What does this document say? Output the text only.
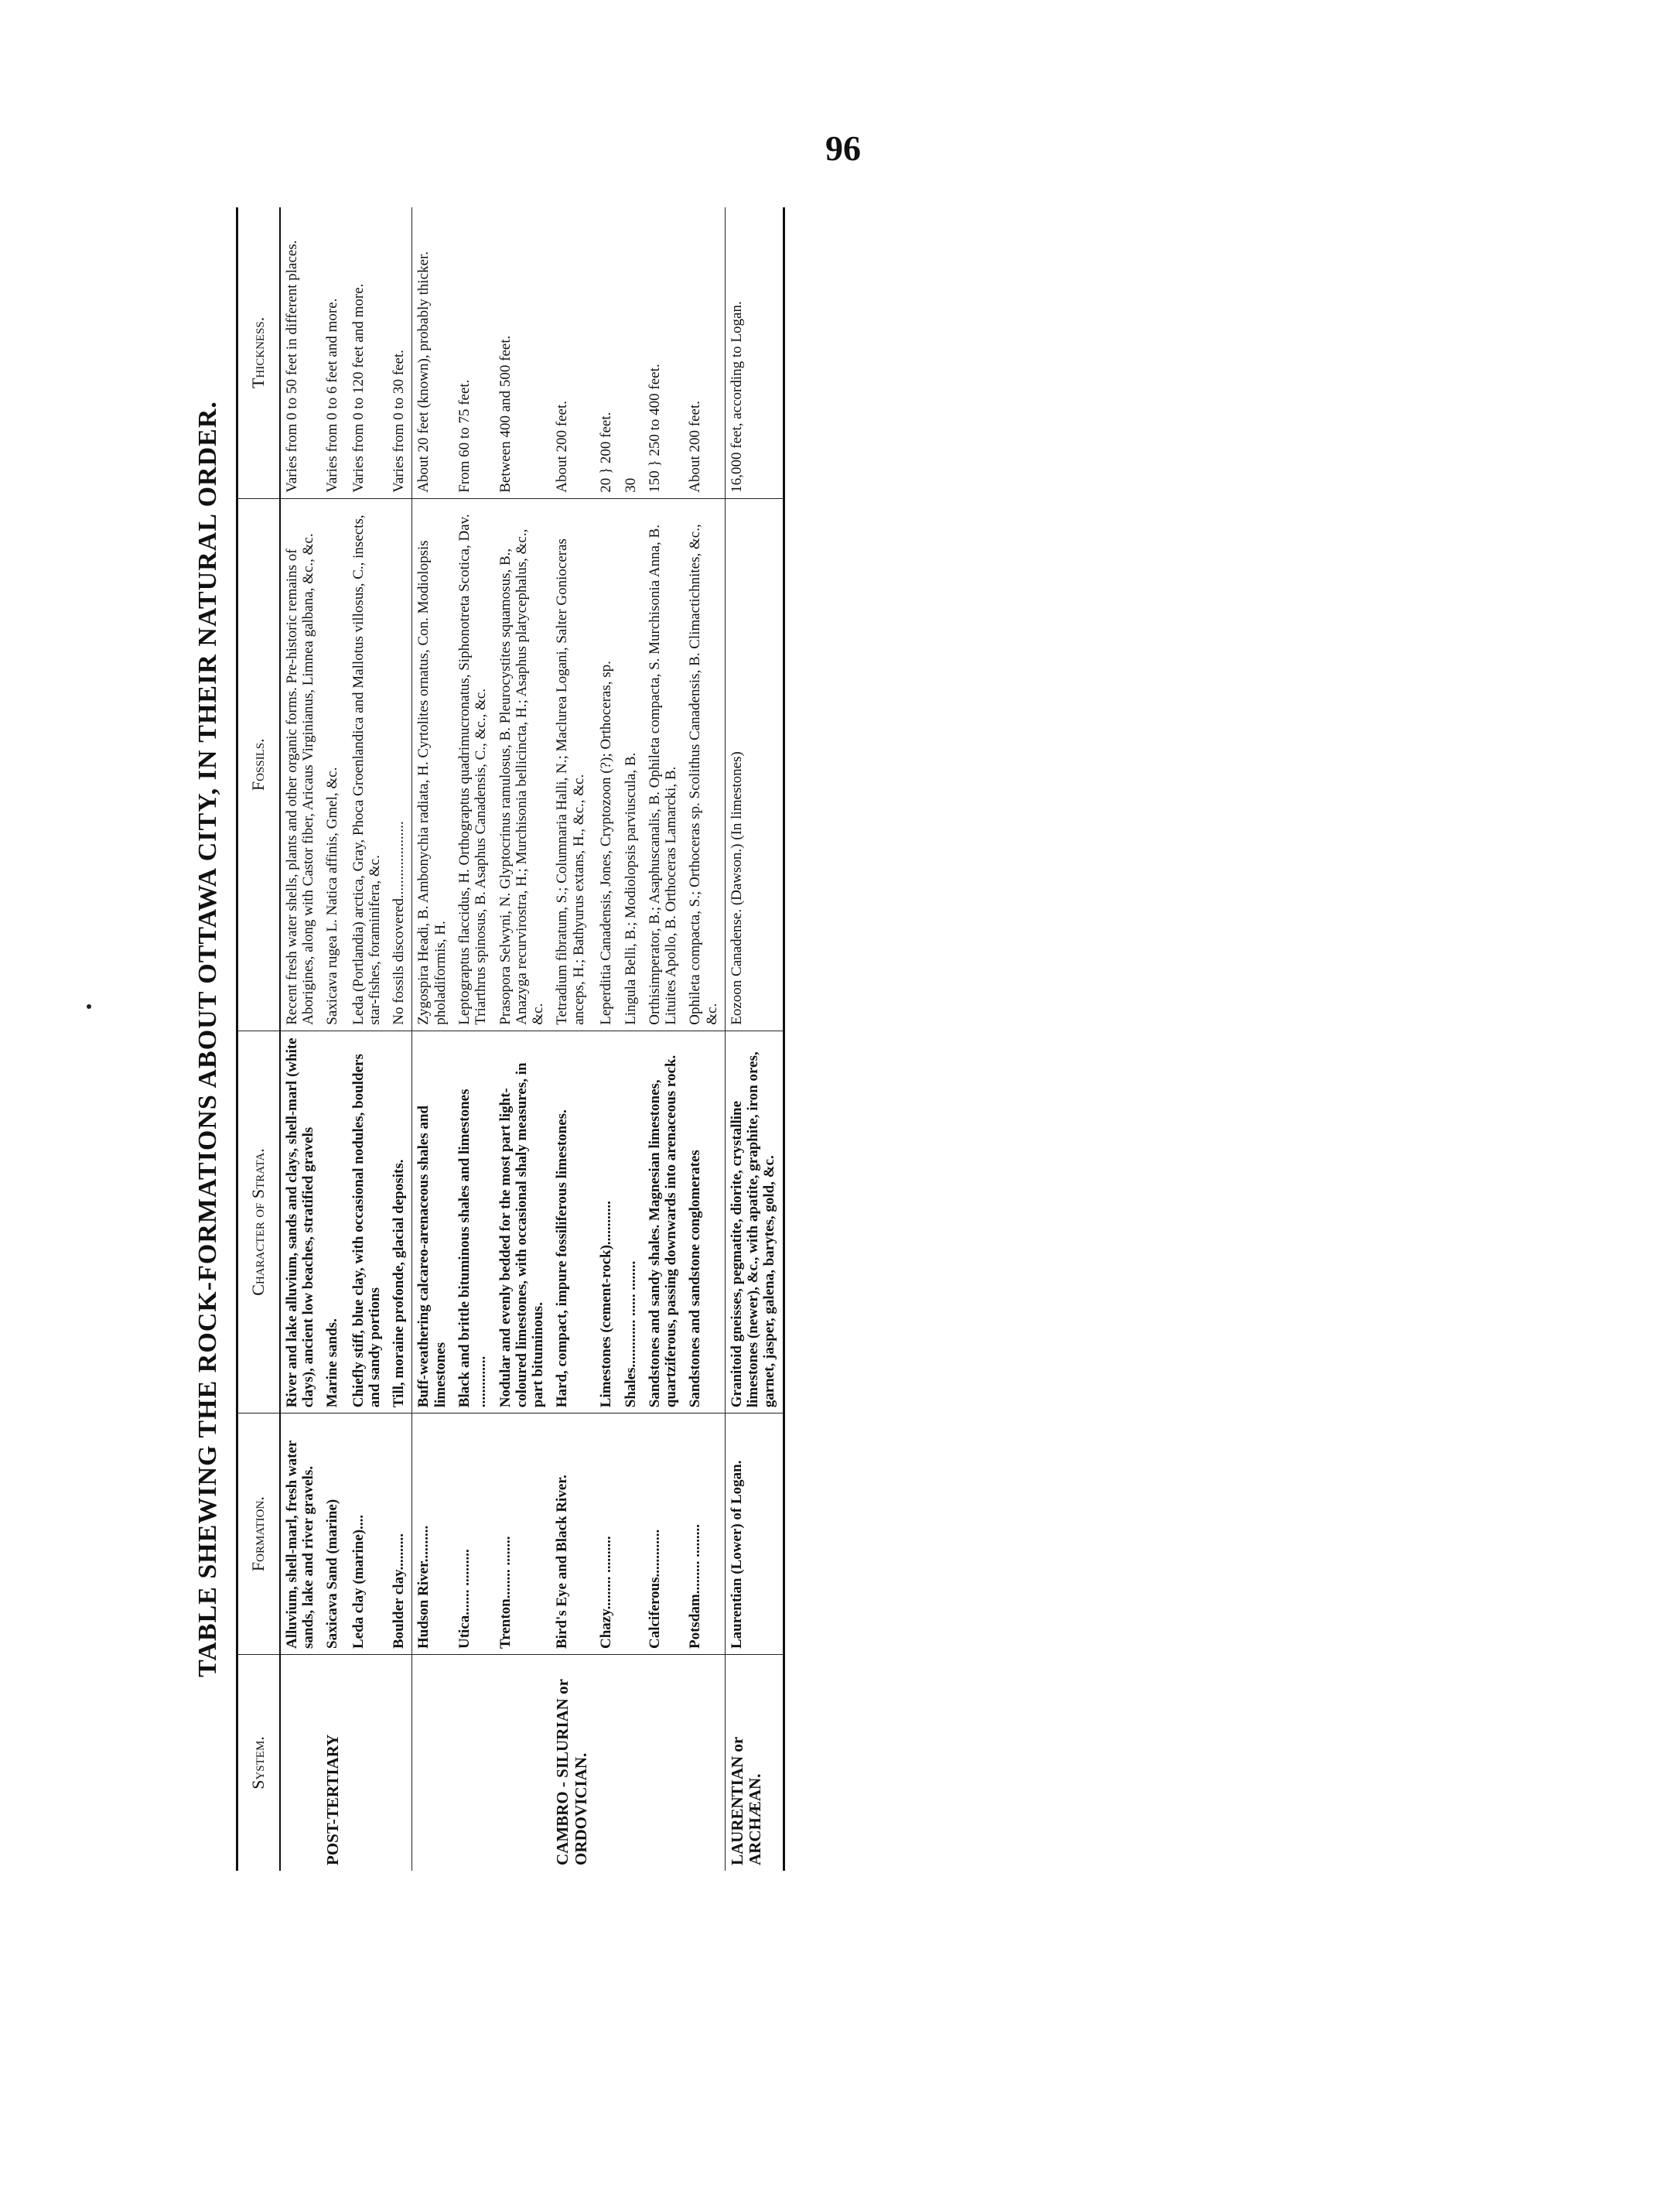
96
TABLE SHEWING THE ROCK-FORMATIONS ABOUT OTTAWA CITY, IN THEIR NATURAL ORDER.
System.	Formation.	Character of Strata.	Fossils.	Thickness.
	Alluvium, shell-marl, fresh water sands, lake and river gravels.	River and lake alluvium, sands and clays, shell-marl (white clays), ancient low beaches, stratified gravels	Recent fresh water shells, plants and other organic forms. Pre-historic remains of Aborigines, along with Castor fiber, Aricaus Virginianus, Limnea galbana, &c., &c.	Varies from 0 to 50 feet in different places.
POST-TERTIARY	Saxicava Sand (marine)	Marine sands.	Saxicava rugea L. Natica affinis, Gmel, &c.	Varies from 0 to 6 feet and more.
	Leda clay (marine)....	Chiefly stiff, blue clay, with occasional nodules, boulders and sandy portions	Leda (Portlandia) arctica, Gray, Phoca Groenlandica and Mallotus villosus, C., insects, star-fishes, foraminifera, &c.	Varies from 0 to 120 feet and more.
	Boulder clay..........	Till, moraine profonde, glacial deposits.	No fossils discovered.....................	Varies from 0 to 30 feet.
	Hudson River..........	Buff-weathering calcareo-arenaceous shales and limestones	Zygospira Headi, B. Ambonychia radiata, H. Cyrtolites ornatus, Con. Modiolopsis pholadiformis, H.	About 20 feet (known), probably thicker.
	Utica....... ..........	Black and brittle bituminous shales and limestones ..............	Leptograptus flaccidus, H. Orthograptus quadrimucronatus, Siphonotreta Scotica, Dav. Triarthrus spinosus, B. Asaphus Canadensis, C., &c., &c.	From 60 to 75 feet.
	Trenton........ ........	Nodular and evenly bedded for the most part light-coloured limestones, with occasional shaly measures, in part bituminous.	Prasopora Selwyni, N. Glyptocrinus ramulosus, B. Pleurocystites squamosus, B., Anazyga recurvirostra, H.; Murchisonia bellicincta, H.; Asaphus platycephalus, &c., &c.	Between 400 and 500 feet.
CAMBRO - SILURIAN or ORDOVICIAN.	Bird's Eye and Black River.	Hard, compact, impure fossiliferous limestones.	Tetradium fibratum, S.; Columnaria Halli, N.; Maclurea Logani, Salter Gonioceras anceps, H.; Bathyurus extans, H., &c., &c.	About 200 feet.
	Chazy......... ..........	Limestones (cement-rock)............	Leperditia Canadensis, Jones, Cryptozoon (?); Orthoceras, sp.	20 } 200 feet.
		Shales............. ...... ........	Lingula Belli, B.; Modiolopsis parviuscula, B.	30
	Calciferous.............	Sandstones and sandy shales. Magnesian limestones, quartziferous, passing downwards into arenaceous rock.	Orthisimperator, B.; Asaphuscanalis, B. Ophileta compacta, S. Murchisonia Anna, B. Lituites Apollo, B. Orthoceras Lamarcki, B.	150 } 250 to 400 feet.
	Potsdam......... .........	Sandstones and sandstone conglomerates	Ophileta compacta, S.; Orthoceras sp. Scolithus Canadensis, B. Climactichnites, &c., &c.	About 200 feet.
LAURENTIAN or ARCHÆAN.	Laurentian (Lower) of Logan.	Granitoid gneisses, pegmatite, diorite, crystalline limestones (newer), &c., with apatite, graphite, iron ores, garnet, jasper, galena, barytes, gold, &c.	Eozoon Canadense. (Dawson.) (In limestones)	16,000 feet, according to Logan.
